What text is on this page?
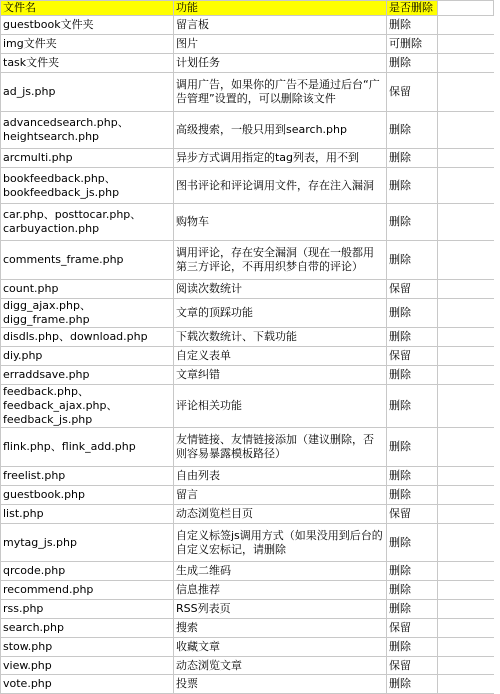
文件名	功能	是否删除	
guestbook文件夹	留言板	删除	
img文件夹	图片	可删除	
task文件夹	计划任务	删除	
ad_js.php	调用广告，如果你的广告不是通过后台“广告管理”设置的，可以删除该文件	保留	
advancedsearch.php、heightsearch.php	高级搜索，一般只用到search.php	删除	
arcmulti.php	异步方式调用指定的tag列表，用不到	删除	
bookfeedback.php、bookfeedback_js.php	图书评论和评论调用文件，存在注入漏洞	删除	
car.php、posttocar.php、carbuyaction.php	购物车	删除	
comments_frame.php	调用评论，存在安全漏洞（现在一般都用第三方评论，不再用织梦自带的评论）	删除	
count.php	阅读次数统计	保留	
digg_ajax.php、digg_frame.php	文章的顶踩功能	删除	
disdls.php、download.php	下载次数统计、下载功能	删除	
diy.php	自定义表单	保留	
erraddsave.php	文章纠错	删除	
feedback.php、feedback_ajax.php、feedback_js.php	评论相关功能	删除	
flink.php、flink_add.php	友情链接、友情链接添加（建议删除，否则容易暴露模板路径）	删除	
freelist.php	自由列表	删除	
guestbook.php	留言	删除	
list.php	动态浏览栏目页	保留	
mytag_js.php	自定义标签js调用方式（如果没用到后台的自定义宏标记，请删除	删除	
qrcode.php	生成二维码	删除	
recommend.php	信息推荐	删除	
rss.php	RSS列表页	删除	
search.php	搜索	保留	
stow.php	收藏文章	删除	
view.php	动态浏览文章	保留	
vote.php	投票	删除	
